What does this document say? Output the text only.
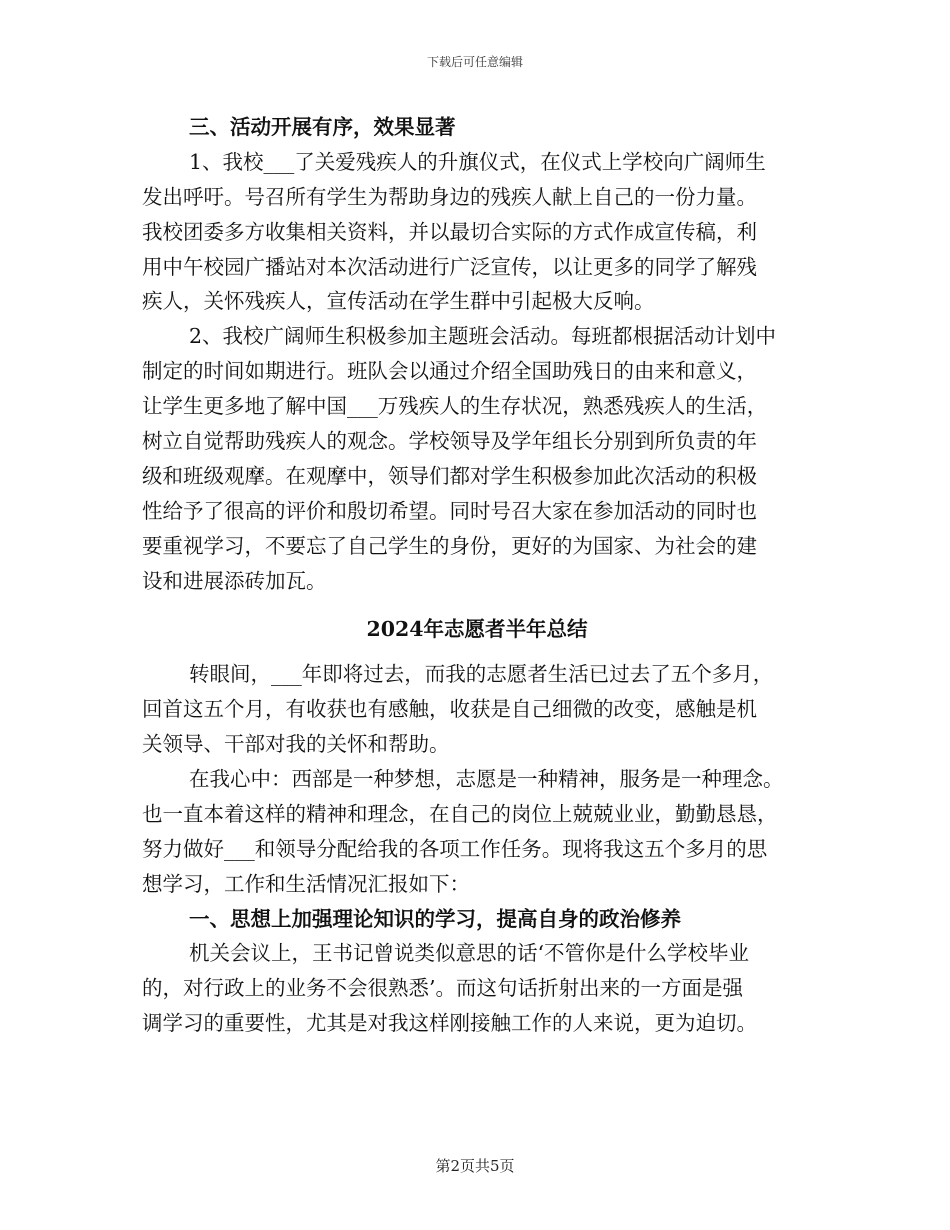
下载后可任意编辑
三、活动开展有序，效果显著
1、我校___了关爱残疾人的升旗仪式，在仪式上学校向广阔师生
发出呼吁。号召所有学生为帮助身边的残疾人献上自己的一份力量。
我校团委多方收集相关资料，并以最切合实际的方式作成宣传稿，利
用中午校园广播站对本次活动进行广泛宣传，以让更多的同学了解残
疾人，关怀残疾人，宣传活动在学生群中引起极大反响。
2、我校广阔师生积极参加主题班会活动。每班都根据活动计划中
制定的时间如期进行。班队会以通过介绍全国助残日的由来和意义，
让学生更多地了解中国___万残疾人的生存状况，熟悉残疾人的生活，
树立自觉帮助残疾人的观念。学校领导及学年组长分别到所负责的年
级和班级观摩。在观摩中，领导们都对学生积极参加此次活动的积极
性给予了很高的评价和殷切希望。同时号召大家在参加活动的同时也
要重视学习，不要忘了自己学生的身份，更好的为国家、为社会的建
设和进展添砖加瓦。
2024年志愿者半年总结
转眼间，___年即将过去，而我的志愿者生活已过去了五个多月，
回首这五个月，有收获也有感触，收获是自己细微的改变，感触是机
关领导、干部对我的关怀和帮助。
在我心中：西部是一种梦想，志愿是一种精神，服务是一种理念。
也一直本着这样的精神和理念，在自己的岗位上兢兢业业，勤勤恳恳，
努力做好___和领导分配给我的各项工作任务。现将我这五个多月的思
想学习，工作和生活情况汇报如下：
一、思想上加强理论知识的学习，提高自身的政治修养
机关会议上，王书记曾说类似意思的话‘不管你是什么学校毕业
的，对行政上的业务不会很熟悉’。而这句话折射出来的一方面是强
调学习的重要性，尤其是对我这样刚接触工作的人来说，更为迫切。
第2页共5页
